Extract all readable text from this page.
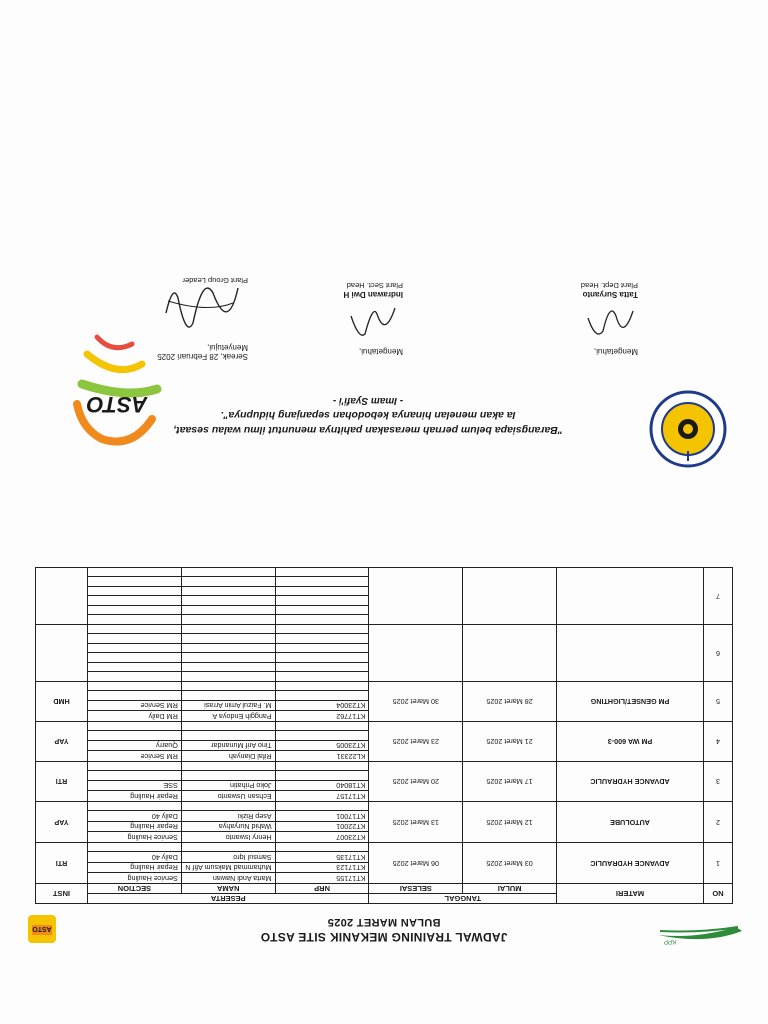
KPP
ASTO
JADWAL TRAINING MEKANIK SITE ASTO
BULAN MARET 2025
NO	MATERI	TANGGAL		PESERTA			INST
		MULAI	SELESAI	NRP	NAMA	SECTION	
1	ADVANCE HYDRAULIC	03 Maret 2025	06 Maret 2025	KT17155	Marta Andi Nawan	Service Hauling	RTI
				KT17123	Muhammad Maksum Afif N	Repair Hauling	
				KT17135	Samsul Iqro	Daily 40	

2	AUTOLUBE	12 Maret 2025	13 Maret 2025	KT23007	Henry Iswanto	Service Hauling	YAP
				KT22001	Wahid Nuryahya	Repair Hauling	
				KT17001	Asep Rizki	Daily 40	

3	ADVANCE HYDRAULIC	17 Maret 2025	20 Maret 2025	KT17157	Echsan Uswanto	Repair Hauling	RTI
				KT18040	Joko Prihatin	SSE	

4	PM WA 600-3	21 Maret 2025	23 Maret 2025	KL22331	Rifal Dianyah	RM Service	YAP
				KT23005	Tino Arif Munandar	Quarry	

5	PM GENSET/LIGHTING	28 Maret 2025	30 Maret 2025	KT17762	Panggih Endoya A	RM Daily	HMD
				KT23004	M. Faizul Amin Arrasi	RM Service	

6							

7							

"Barangsiapa belum pernah merasakan pahitnya menuntut ilmu walau sesaat,
Ia akan menelan hinanya kebodohan sepanjang hidupnya".
- Imam Syafi'i -
ASTO
Mengetahui,
Tatta Suryanto
Plant Dept. Head
Mengetahui,
Indrawan Dwi H
Plant Sect. Head
Sereak, 28 Februari 2025
Menyetujui,
Plant Group Leader
